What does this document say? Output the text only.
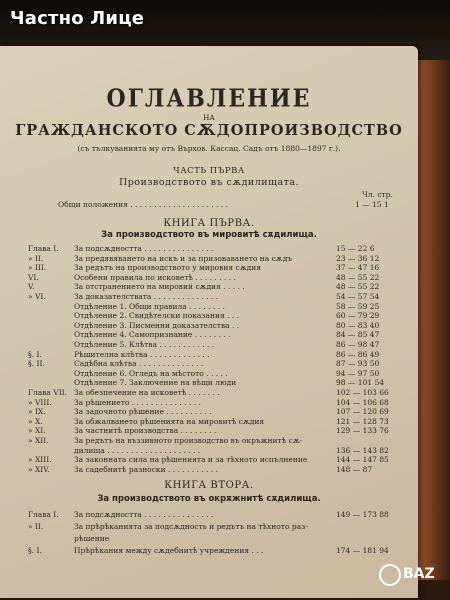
ОГЛАВЛЕНИЕ
НА
ГРАЖДАНСКОТО СѪДОПРОИЗВОДСТВО
(съ тълкуванията му отъ Върхов. Кассац. Садъ отъ 1880—1897 г.).
ЧАСТЬ ПЪРВА
Производството въ сѫдилищата.
Чл. стр.
Общи положения . . . . . . . . . . . . . . . . . . . . .	1 — 15 1
КНИГА ПЪРВА.
За производството въ мировитѣ сѫдилища.
Глава I. За подсѫдността . . . . . . . . . . . . . . .	15 — 22 6
» II.	За предявяването на искъ и за призоваването на сѫдъ	23 — 36 12
» III.	За редътъ на производството у мировия сѫдия	37 — 47 16
VI.	Особени правила по исковетѣ . . . . . . . . .	48 — 55 22
V.	За отстранението на мировий сѫдия . . . . .	48 — 55 22
» VI.	За доказателствата . . . . . . . . . . . . . .	54 — 57 54
Отдѣление 1. Общи правила . . . . . . . .	58 — 59 25
Отдѣление 2. Свидѣтелски показания . . .	60 — 79 29
Отдѣление 3. Писменни доказателства . .	80 — 83 40
Отдѣление 4. Самопризнание . . . . . . . .	84 — 85 47
Отдѣление 5. Клѣтва . . . . . . . . . . . .	86 — 98 47
§. I.	Рѣшителна клѣтва . . . . . . . . . . . . .	86 — 86 49
§. II.	Садѣбна клѣтва . . . . . . . . . . . . . .	87 — 93 50
Отдѣление 6. Огледъ на мѣстото . . . . .	94 — 97 50
Отдѣление 7. Заключение на вѣщи люди	98 — 101 54
Глава VII. За обезпечение на исковетѣ . . . . . . .	102 — 103 66
» VIII.	За рѣшението . . . . . . . . . . . . . . .	104 — 106 68
» IX.	За задочното рѣшение . . . . . . . . . .	107 — 120 69
» X.	За обжалването рѣшенията на мировитѣ сѫдия	121 — 128 73
» XI.	За частнитѣ производства . . . . . . . .	129 — 133 76
» XII.	За редътъ на въззивното производство въ окръжнитѣ сѫ-
дилища . . . . . . . . . . . . . . . . . . . .	136 — 143 82
» XIII.	За законната сила на рѣшенията и за тѣхното испълнение	144 — 147 85
» XIV.	За садебнитѣ разноски . . . . . . . . . . .	148 — 87
КНИГА ВТОРА.
За производството въ окрѫжнитѣ сѫдилища.
Глава I. За подсѫдността . . . . . . . . . . . . . . .	149 — 173 88
» II.	За прѣрѣканията за подсѫдность и редътъ на тѣхното раз-
рѣшение
§. I.	Прѣрѣкания между сѫдебнитѣ учреждения . . .	174 — 181 94
Частно Лице
BAZ
